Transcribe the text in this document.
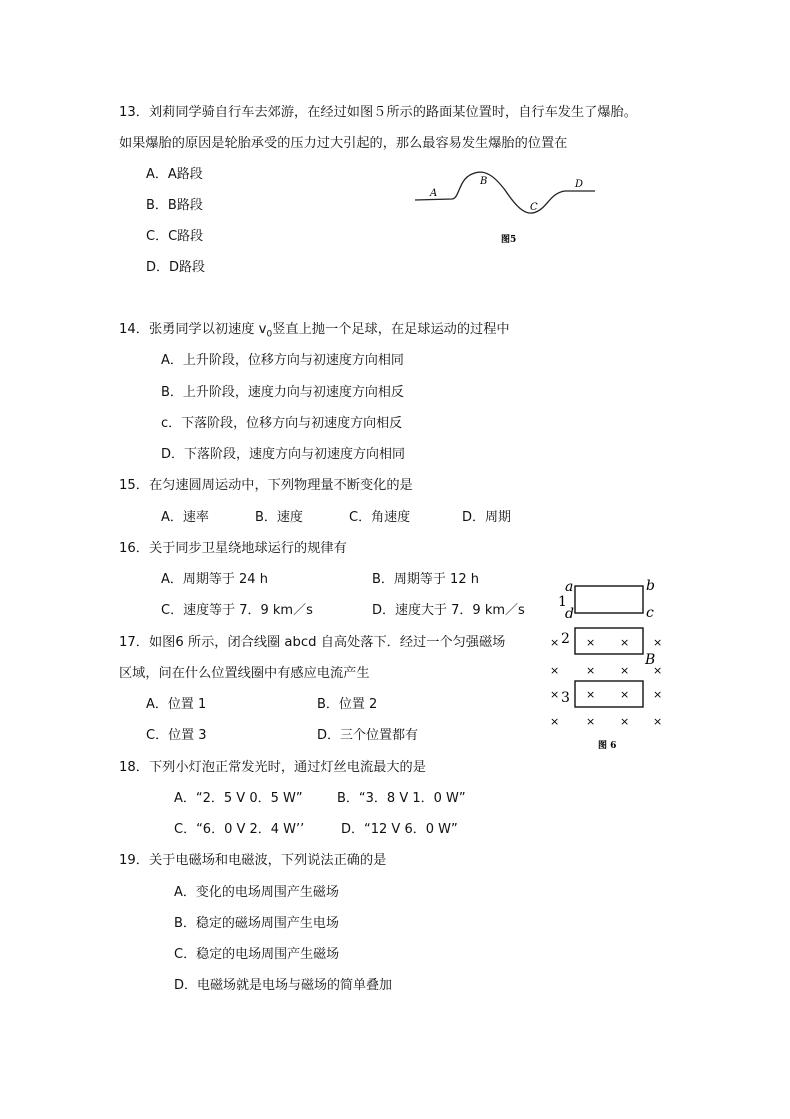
13．刘莉同学骑自行车去郊游，在经过如图５所示的路面某位置时，自行车发生了爆胎。
如果爆胎的原因是轮胎承受的压力过大引起的，那么最容易发生爆胎的位置在
A．A路段
B．B路段
C．C路段
D．D路段
A
B
C
D
图5
14．张勇同学以初速度 $v_0$竖直上抛一个足球，在足球运动的过程中
A．上升阶段，位移方向与初速度方向相同
B．上升阶段，速度力向与初速度方向相反
c．下落阶段，位移方向与初速度方向相反
D．下落阶段，速度方向与初速度方向相同
15．在匀速圆周运动中，下列物理量不断变化的是
A．速率	B．速度	C．角速度	D．周期
16．关于同步卫星绕地球运行的规律有
A．周期等于 24 h	B．周期等于 12 h
C．速度等于 7．9 km／s	D．速度大于 7．9 km／s
17．如图6 所示，闭合线圈 abcd 自高处落下．经过一个匀强磁场
区域，问在什么位置线圈中有感应电流产生
A．位置 1	B．位置 2
C．位置 3	D．三个位置都有
a	b
d	c
1
× 2 × × ×
× × × ×
B
× 3 × × ×
× × × ×
图 6
18．下列小灯泡正常发光时，通过灯丝电流最大的是
A．“2．5 V 0．5 W”	B．“3．8 V 1．0 W”
C．“6．0 V 2．4 W’’	D．“12 V 6．0 W”
19．关于电磁场和电磁波，下列说法正确的是
A．变化的电场周围产生磁场
B．稳定的磁场周围产生电场
C．稳定的电场周围产生磁场
D．电磁场就是电场与磁场的简单叠加
